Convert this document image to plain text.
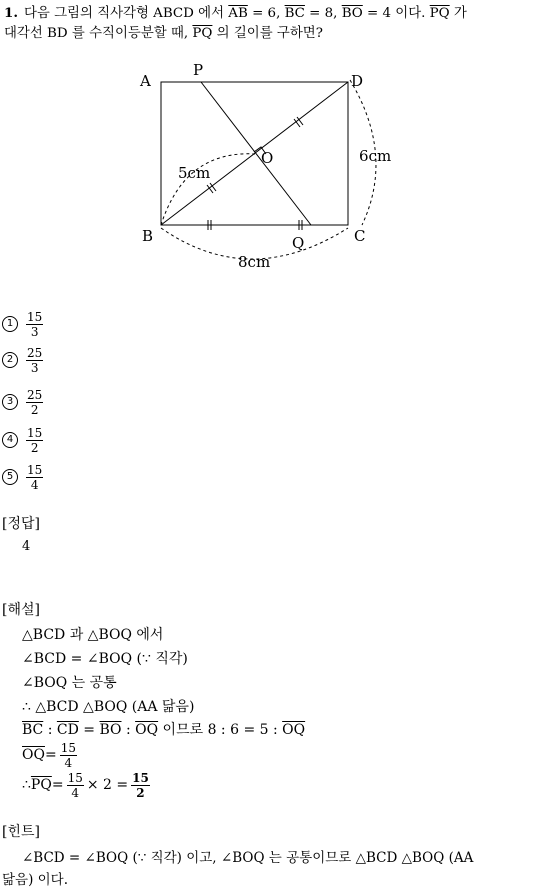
1. 다음 그림의 직사각형 ABCD 에서 $\overline{AB} = 6$, $\overline{BC} = 8$, $\overline{BO} = 4$ 이다. $\overline{PQ}$ 가
대각선 BD 를 수직이등분할 때, $\overline{PQ}$ 의 길이를 구하면?
A
P
D
O
B	Q	C
5cm
6cm
8cm
1	$\frac{15}{3}$
2	$\frac{25}{3}$
3	$\frac{25}{2}$
4	$\frac{15}{2}$
5	$\frac{15}{4}$
[정답]
4
[해설]
△BCD 과 △BOQ 에서
∠BCD = ∠BOQ (∵ 직각)
∠BOQ 는 공통
∴ △BCD △BOQ (AA 닮음)
$\overline{BC}$ : $\overline{CD} = \overline{BO}$ : $\overline{OQ}$ 이므로 8 : 6 = 5 : $\overline{OQ}$
$\overline{OQ} = \frac{15}{4}$
∴ $\overline{PQ} = \frac{15}{4} \times 2 = \frac{15}{2}$
[힌트]
∠BCD = ∠BOQ (∵ 직각) 이고, ∠BOQ 는 공통이므로 △BCD △BOQ (AA
닮음) 이다.
